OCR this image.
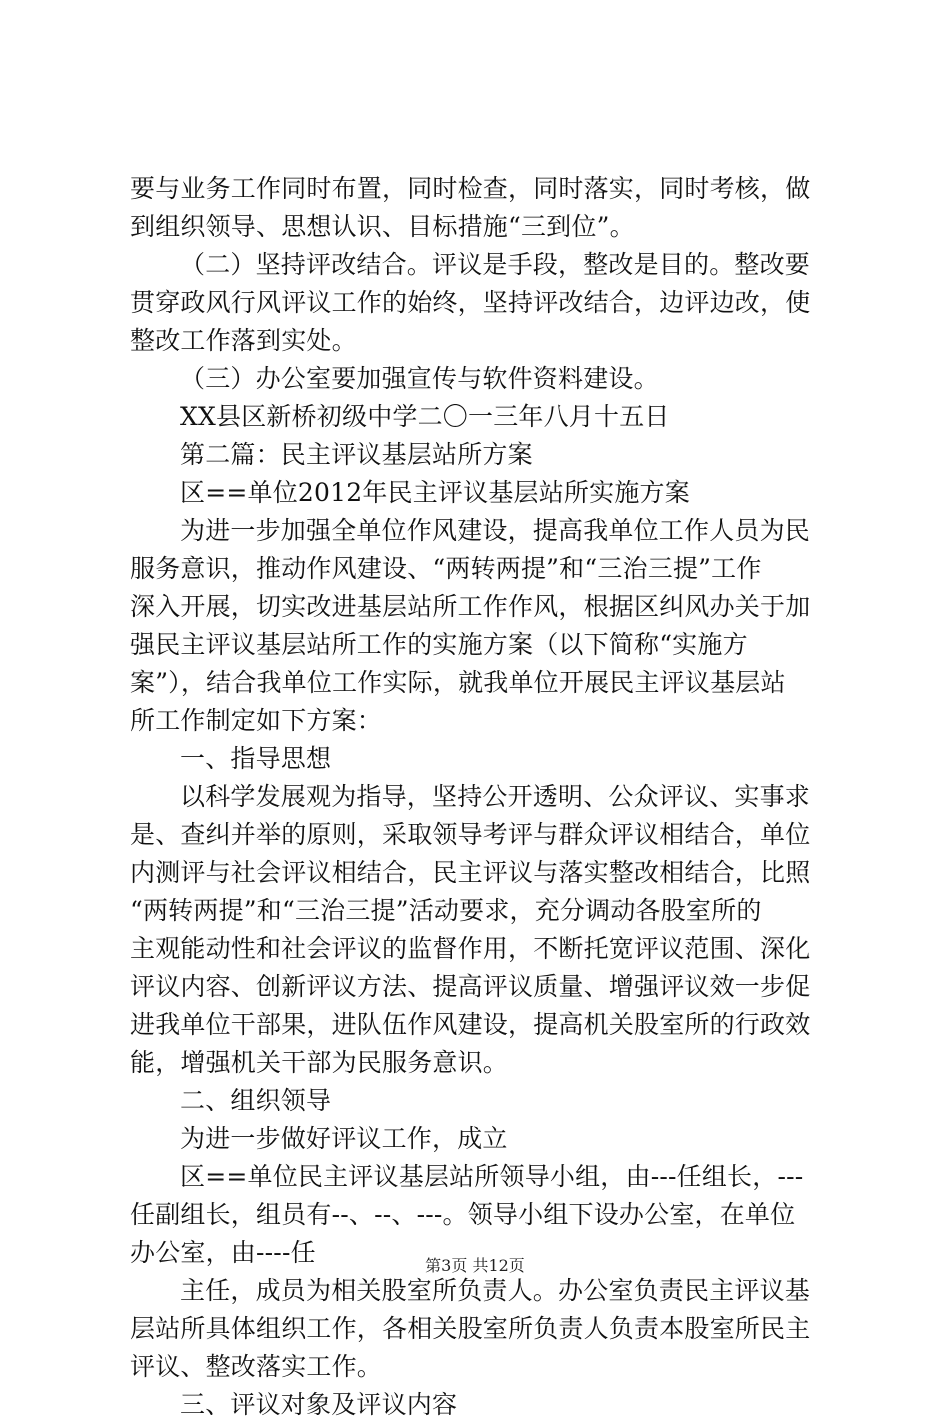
要与业务工作同时布置，同时检查，同时落实，同时考核，做
到组织领导、思想认识、目标措施“三到位”。
（二）坚持评改结合。评议是手段，整改是目的。整改要
贯穿政风行风评议工作的始终，坚持评改结合，边评边改，使
整改工作落到实处。
（三）办公室要加强宣传与软件资料建设。
XX县区新桥初级中学二〇一三年八月十五日
第二篇：民主评议基层站所方案
区==单位2012年民主评议基层站所实施方案
为进一步加强全单位作风建设，提高我单位工作人员为民
服务意识，推动作风建设、“两转两提”和“三治三提”工作
深入开展，切实改进基层站所工作作风，根据区纠风办关于加
强民主评议基层站所工作的实施方案（以下简称“实施方
案”），结合我单位工作实际，就我单位开展民主评议基层站
所工作制定如下方案：
一、指导思想
以科学发展观为指导，坚持公开透明、公众评议、实事求
是、查纠并举的原则，采取领导考评与群众评议相结合，单位
内测评与社会评议相结合，民主评议与落实整改相结合，比照
“两转两提”和“三治三提”活动要求，充分调动各股室所的
主观能动性和社会评议的监督作用，不断托宽评议范围、深化
评议内容、创新评议方法、提高评议质量、增强评议效一步促
进我单位干部果，进队伍作风建设，提高机关股室所的行政效
能，增强机关干部为民服务意识。
二、组织领导
为进一步做好评议工作，成立
区==单位民主评议基层站所领导小组，由---任组长，---
任副组长，组员有--、--、---。领导小组下设办公室，在单位
办公室，由----任
主任，成员为相关股室所负责人。办公室负责民主评议基
层站所具体组织工作，各相关股室所负责人负责本股室所民主
评议、整改落实工作。
三、评议对象及评议内容
第3页 共12页
